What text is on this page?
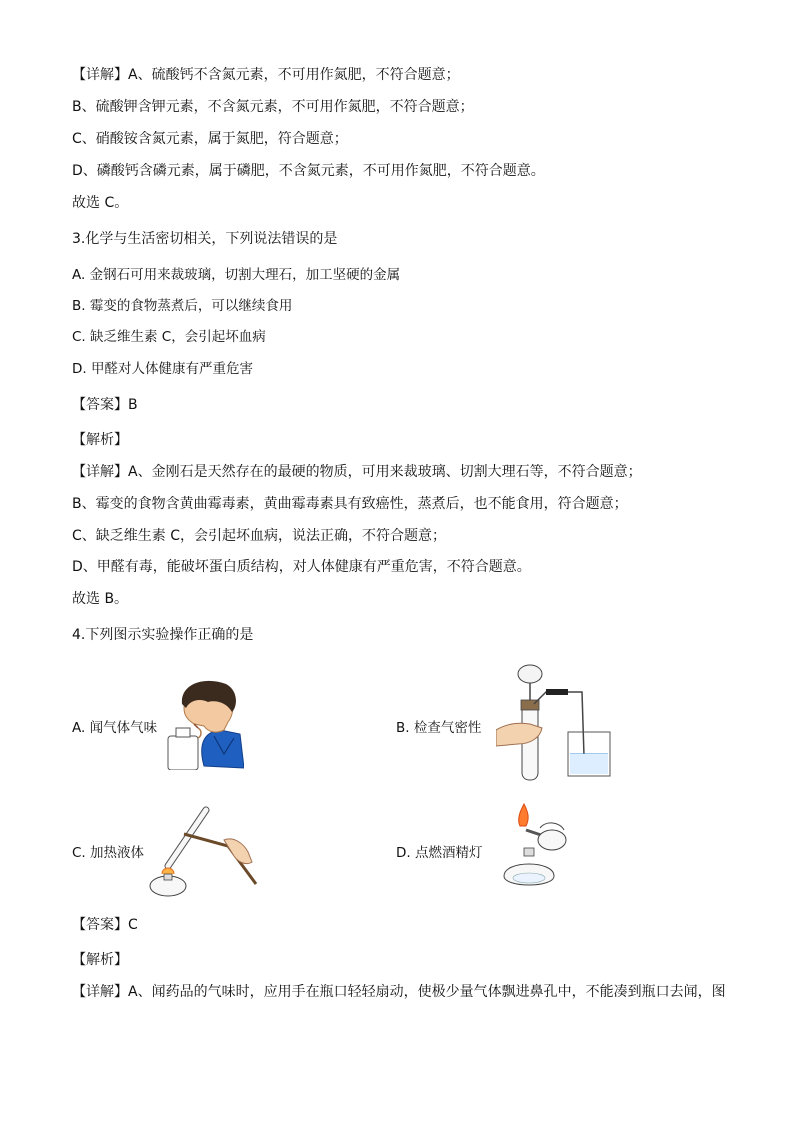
【详解】A、硫酸钙不含氮元素，不可用作氮肥，不符合题意；
B、硫酸钾含钾元素，不含氮元素，不可用作氮肥，不符合题意；
C、硝酸铵含氮元素，属于氮肥，符合题意；
D、磷酸钙含磷元素，属于磷肥，不含氮元素，不可用作氮肥，不符合题意。
故选 C。
3.化学与生活密切相关，下列说法错误的是
A. 金钢石可用来裁玻璃，切割大理石，加工坚硬的金属
B. 霉变的食物蒸煮后，可以继续食用
C. 缺乏维生素 C，会引起坏血病
D. 甲醛对人体健康有严重危害
【答案】B
【解析】
【详解】A、金刚石是天然存在的最硬的物质，可用来裁玻璃、切割大理石等，不符合题意；
B、霉变的食物含黄曲霉毒素，黄曲霉毒素具有致癌性，蒸煮后，也不能食用，符合题意；
C、缺乏维生素 C，会引起坏血病，说法正确，不符合题意；
D、甲醛有毒，能破坏蛋白质结构，对人体健康有严重危害，不符合题意。
故选 B。
4.下列图示实验操作正确的是
A. 闻气体气味	B. 检查气密性
C. 加热液体	D. 点燃酒精灯
【答案】C
【解析】
【详解】A、闻药品的气味时，应用手在瓶口轻轻扇动，使极少量气体飘进鼻孔中，不能凑到瓶口去闻，图
